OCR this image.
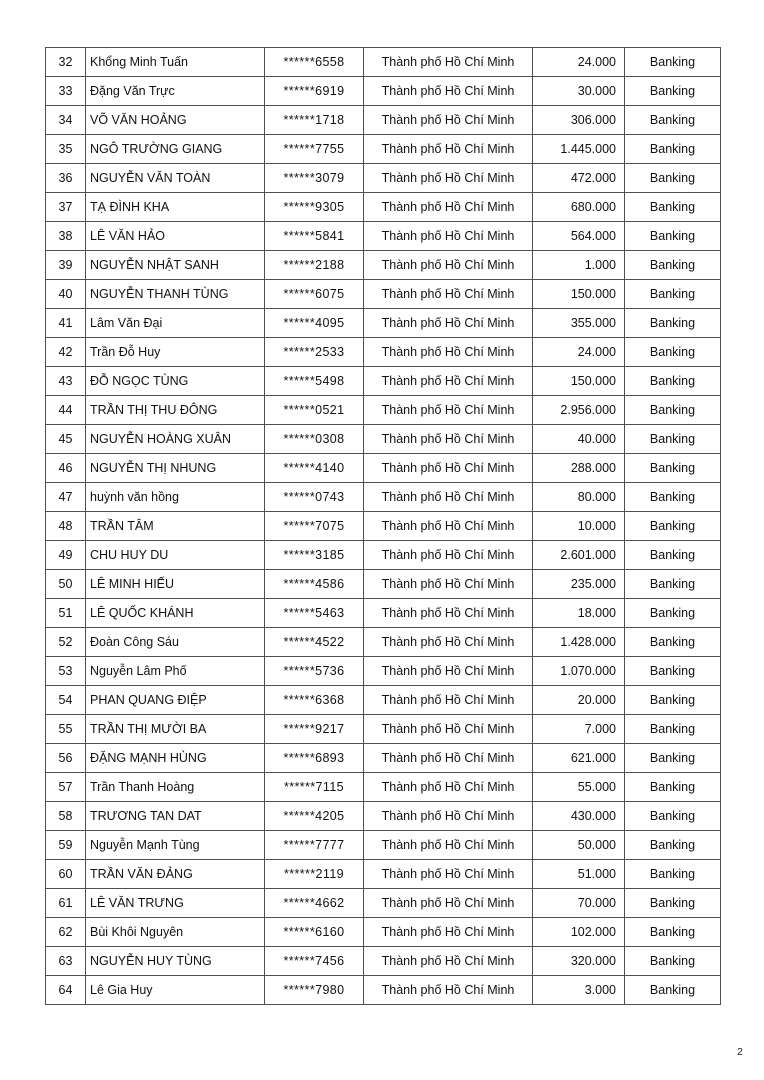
32	Khổng Minh Tuấn	******6558	Thành phố Hồ Chí Minh	24.000	Banking
33	Đặng Văn Trực	******6919	Thành phố Hồ Chí Minh	30.000	Banking
34	VÕ VĂN HOẢNG	******1718	Thành phố Hồ Chí Minh	306.000	Banking
35	NGÔ TRƯỜNG GIANG	******7755	Thành phố Hồ Chí Minh	1.445.000	Banking
36	NGUYỄN VĂN TOÀN	******3079	Thành phố Hồ Chí Minh	472.000	Banking
37	TẠ ĐÌNH KHA	******9305	Thành phố Hồ Chí Minh	680.000	Banking
38	LÊ VĂN HẢO	******5841	Thành phố Hồ Chí Minh	564.000	Banking
39	NGUYỄN NHẬT SANH	******2188	Thành phố Hồ Chí Minh	1.000	Banking
40	NGUYỄN THANH TÙNG	******6075	Thành phố Hồ Chí Minh	150.000	Banking
41	Lâm Văn Đại	******4095	Thành phố Hồ Chí Minh	355.000	Banking
42	Trần Đỗ Huy	******2533	Thành phố Hồ Chí Minh	24.000	Banking
43	ĐỖ NGỌC TÙNG	******5498	Thành phố Hồ Chí Minh	150.000	Banking
44	TRẦN THỊ THU ĐÔNG	******0521	Thành phố Hồ Chí Minh	2.956.000	Banking
45	NGUYỄN HOÀNG XUÂN	******0308	Thành phố Hồ Chí Minh	40.000	Banking
46	NGUYỄN THỊ NHUNG	******4140	Thành phố Hồ Chí Minh	288.000	Banking
47	huỳnh văn hồng	******0743	Thành phố Hồ Chí Minh	80.000	Banking
48	TRẦN TÂM	******7075	Thành phố Hồ Chí Minh	10.000	Banking
49	CHU HUY DU	******3185	Thành phố Hồ Chí Minh	2.601.000	Banking
50	LÊ MINH HIẾU	******4586	Thành phố Hồ Chí Minh	235.000	Banking
51	LÊ QUỐC KHÁNH	******5463	Thành phố Hồ Chí Minh	18.000	Banking
52	Đoàn Công Sáu	******4522	Thành phố Hồ Chí Minh	1.428.000	Banking
53	Nguyễn Lâm Phố	******5736	Thành phố Hồ Chí Minh	1.070.000	Banking
54	PHAN QUANG ĐIỆP	******6368	Thành phố Hồ Chí Minh	20.000	Banking
55	TRẦN THỊ MƯỜI BA	******9217	Thành phố Hồ Chí Minh	7.000	Banking
56	ĐẶNG MẠNH HÙNG	******6893	Thành phố Hồ Chí Minh	621.000	Banking
57	Trần Thanh Hoàng	******7115	Thành phố Hồ Chí Minh	55.000	Banking
58	TRƯƠNG TAN DAT	******4205	Thành phố Hồ Chí Minh	430.000	Banking
59	Nguyễn Mạnh Tùng	******7777	Thành phố Hồ Chí Minh	50.000	Banking
60	TRẦN VĂN ĐẢNG	******2119	Thành phố Hồ Chí Minh	51.000	Banking
61	LÊ VĂN TRƯNG	******4662	Thành phố Hồ Chí Minh	70.000	Banking
62	Bùi Khôi Nguyên	******6160	Thành phố Hồ Chí Minh	102.000	Banking
63	NGUYỄN HUY TÙNG	******7456	Thành phố Hồ Chí Minh	320.000	Banking
64	Lê Gia Huy	******7980	Thành phố Hồ Chí Minh	3.000	Banking
2
